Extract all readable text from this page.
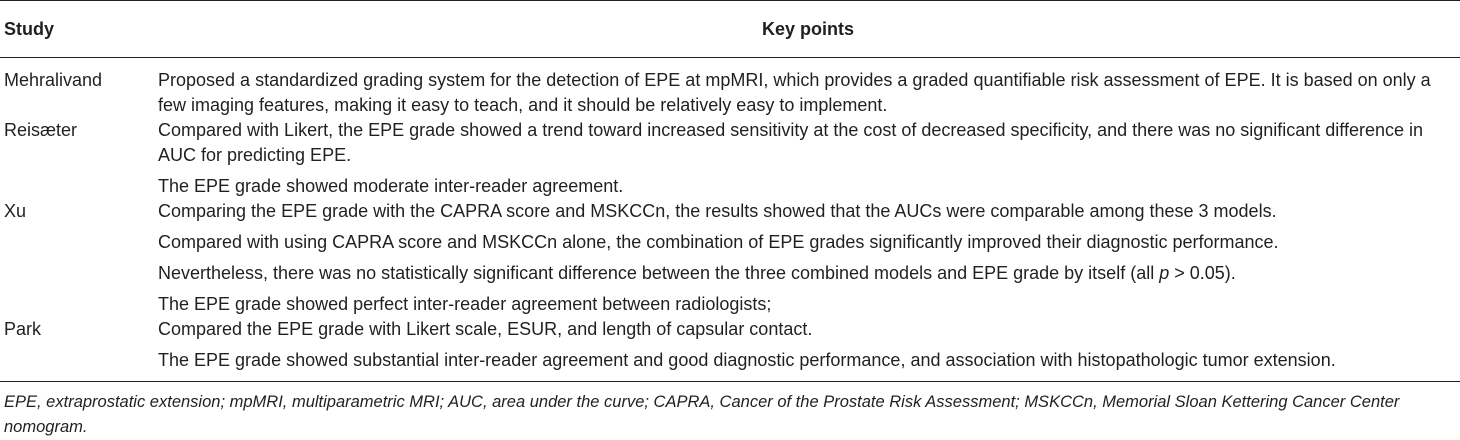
Study	Key points
Mehralivand	Proposed a standardized grading system for the detection of EPE at mpMRI, which provides a graded quantifiable risk assessment of EPE. It is based on only a few imaging features, making it easy to teach, and it should be relatively easy to implement.

Reisæter	Compared with Likert, the EPE grade showed a trend toward increased sensitivity at the cost of decreased specificity, and there was no significant difference in AUC for predicting EPE.
The EPE grade showed moderate inter-reader agreement.

Xu	Comparing the EPE grade with the CAPRA score and MSKCCn, the results showed that the AUCs were comparable among these 3 models.
Compared with using CAPRA score and MSKCCn alone, the combination of EPE grades significantly improved their diagnostic performance.
Nevertheless, there was no statistically significant difference between the three combined models and EPE grade by itself (all p > 0.05).
The EPE grade showed perfect inter-reader agreement between radiologists;

Park	Compared the EPE grade with Likert scale, ESUR, and length of capsular contact.
The EPE grade showed substantial inter-reader agreement and good diagnostic performance, and association with histopathologic tumor extension.
EPE, extraprostatic extension; mpMRI, multiparametric MRI; AUC, area under the curve; CAPRA, Cancer of the Prostate Risk Assessment; MSKCCn, Memorial Sloan Kettering Cancer Center nomogram.
